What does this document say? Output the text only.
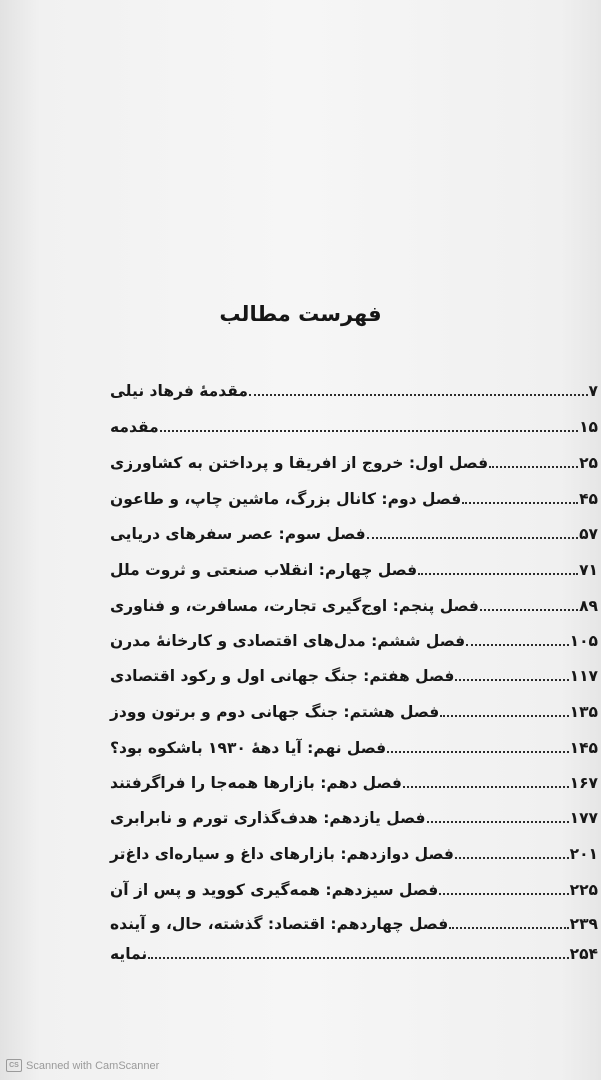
فهرست مطالب
مقدمهٔ فرهاد نیلی	۷
مقدمه	۱۵
فصل اول: خروج از افریقا و پرداختن به کشاورزی	۲۵
فصل دوم: کانال بزرگ، ماشین چاپ، و طاعون	۴۵
فصل سوم: عصر سفرهای دریایی	۵۷
فصل چهارم: انقلاب صنعتی و ثروت ملل	۷۱
فصل پنجم: اوج‌گیری تجارت، مسافرت، و فناوری	۸۹
فصل ششم: مدل‌های اقتصادی و کارخانهٔ مدرن	۱۰۵
فصل هفتم: جنگ جهانی اول و رکود اقتصادی	۱۱۷
فصل هشتم: جنگ جهانی دوم و برتون وودز	۱۳۵
فصل نهم: آیا دههٔ ۱۹۳۰ باشکوه بود؟	۱۴۵
فصل دهم: بازارها همه‌جا را فراگرفتند	۱۶۷
فصل یازدهم: هدف‌گذاری تورم و نابرابری	۱۷۷
فصل دوازدهم: بازارهای داغ و سیاره‌ای داغ‌تر	۲۰۱
فصل سیزدهم: همه‌گیری کووید و پس از آن	۲۲۵
فصل چهاردهم: اقتصاد: گذشته، حال، و آینده	۲۳۹
نمایه	۲۵۴
CS Scanned with CamScanner
